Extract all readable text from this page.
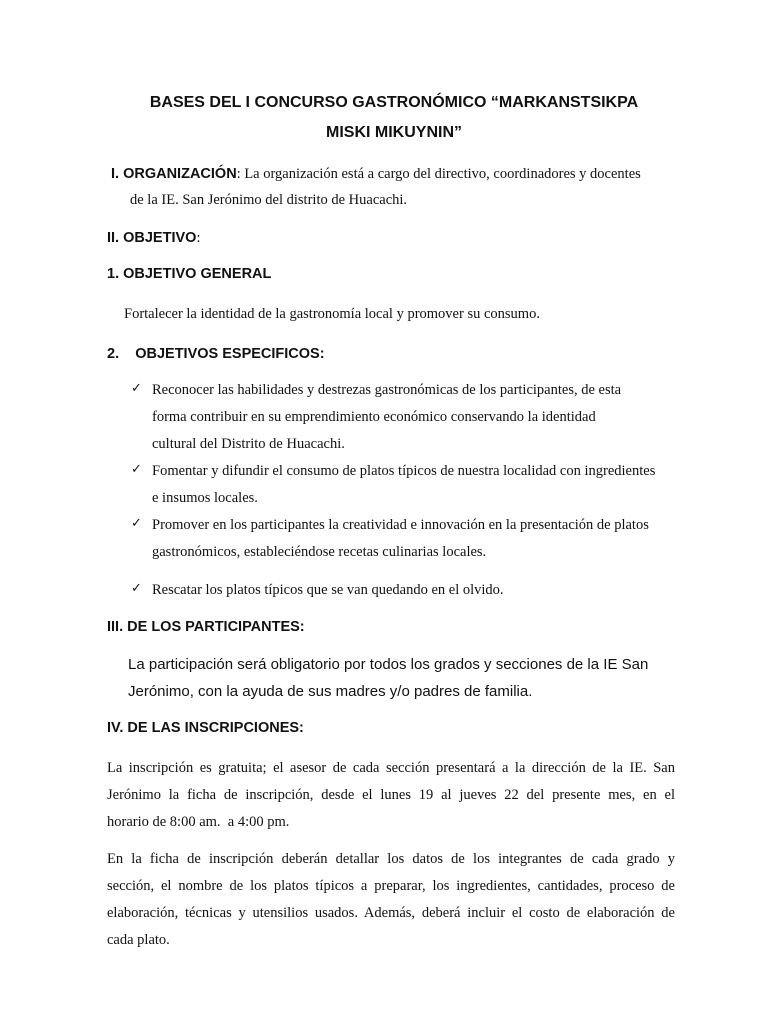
BASES DEL I CONCURSO GASTRONÓMICO “MARKANSTSIKPA
MISKI MIKUYNIN”
I. ORGANIZACIÓN: La organización está a cargo del directivo, coordinadores y docentes
de la IE. San Jerónimo del distrito de Huacachi.
II. OBJETIVO:
1. OBJETIVO GENERAL
Fortalecer la identidad de la gastronomía local y promover su consumo.
2.    OBJETIVOS ESPECIFICOS:
✓ Reconocer las habilidades y destrezas gastronómicas de los participantes, de esta
forma contribuir en su emprendimiento económico conservando la identidad
cultural del Distrito de Huacachi.
✓ Fomentar y difundir el consumo de platos típicos de nuestra localidad con ingredientes
e insumos locales.
✓ Promover en los participantes la creatividad e innovación en la presentación de platos
gastronómicos, estableciéndose recetas culinarias locales.
✓ Rescatar los platos típicos que se van quedando en el olvido.
III. DE LOS PARTICIPANTES:
La participación será obligatorio por todos los grados y secciones de la IE San
Jerónimo, con la ayuda de sus madres y/o padres de familia.
IV. DE LAS INSCRIPCIONES:
La inscripción es gratuita; el asesor de cada sección presentará a la dirección de la IE. San
Jerónimo la ficha de inscripción, desde el lunes 19 al jueves 22 del presente mes, en el
horario de 8:00 am.  a 4:00 pm.
En la ficha de inscripción deberán detallar los datos de los integrantes de cada grado y
sección, el nombre de los platos típicos a preparar, los ingredientes, cantidades, proceso de
elaboración, técnicas y utensilios usados. Además, deberá incluir el costo de elaboración de
cada plato.
